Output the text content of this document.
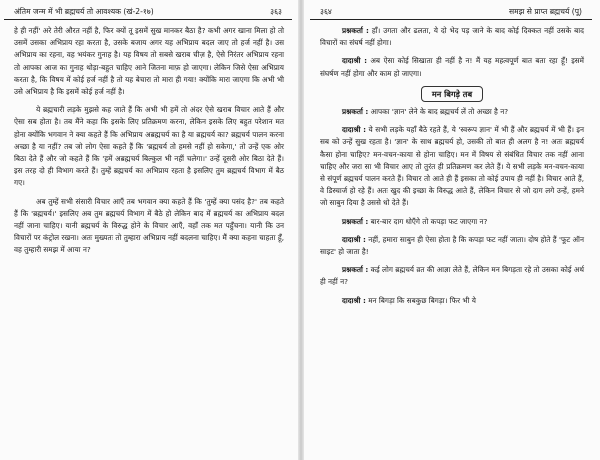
अंतिम जन्म में भी ब्रह्मचर्य तो आवश्यक (खं-2-१७)	३६३

हे ही नहीं' अरे तेरी औरत नहीं है, फिर क्यों तू इसमें सुख मानकर बैठा है? कभी अगर खाना मिला हो तो उसमें उसका अभिप्राय रहा करता है, उसके बजाय अगर यह अभिप्राय बदल जाए तो हर्ज नहीं है। उस अभिप्राय का रहना, वह भयंकर गुनाह है। यह विषय तो सबसे खराब चीज़ है, ऐसे निरंतर अभिप्राय रहना तो आपका आज का गुनाह थोड़ा-बहुत चाहिए आने जितना माफ़ हो जाएगा। लेकिन जिसे ऐसा अभिप्राय करता है, कि विषय में कोई हर्ज नहीं है तो यह बेचारा तो मारा ही गया! क्योंकि मारा जाएगा कि अभी भी उसे अभिप्राय है कि इसमें कोई हर्ज नहीं है।

ये ब्रह्मचारी लड़के मुझसे कह जाते हैं कि अभी भी हमें तो अंदर ऐसे खराब विचार आते हैं और ऐसा सब होता है। तब मैंने कहा कि इसके लिए प्रतिक्रमण करना, लेकिन इसके लिए बहुत परेशान मत होना क्योंकि भगवान ने क्या कहते हैं कि अभिप्राय अब्रह्मचर्य का है या ब्रह्मचर्य का? ब्रह्मचर्य पालन करना अच्छा है या नहीं? तब जो लोग ऐसा कहते हैं कि 'ब्रह्मचर्य तो हमसे नहीं हो सकेगा,' तो उन्हें एक ओर बिठा देते हैं और जो कहते हैं कि 'हमें अब्रह्मचर्य बिल्कुल भी नहीं चलेगा।' उन्हें दूसरी ओर बिठा देते हैं। इस तरह दो ही विभाग करते हैं। तुम्हें ब्रह्मचर्य का अभिप्राय रहता है इसलिए तुम ब्रह्मचर्य विभाग में बैठ गए।

अब तुम्हें सभी संसारी विचार आएँ तब भगवान क्या कहते हैं कि 'तुम्हें क्या पसंद है?' तब कहते हैं कि 'ब्रह्मचर्य।' इसलिए अब तुम ब्रह्मचर्य विभाग में बैठे हो लेकिन बाद में ब्रह्मचर्य का अभिप्राय बदल नहीं जाना चाहिए। यानी ब्रह्मचर्य के विरुद्ध होने के विचार आएँ, वहाँ तक मत पहुँचना। यानी कि उन विचारों पर कंट्रोल रखना। अतः मुख्यतः तो तुम्हारा अभिप्राय नहीं बदलना चाहिए। मैं क्या कहना चाहता हूँ, वह तुम्हारी समझ में आया न?

३६४	समझ से प्राप्त ब्रह्मचर्य (पू)

प्रश्नकर्ता : हाँ। उगता और ढलता, ये दो भेद पड़ जाने के बाद कोई दिक्कत नहीं उसके बाद विचारों का संघर्ष नहीं होगा।

दादाश्री : अब ऐसा कोई सिखाता ही नहीं है न! मैं यह महत्वपूर्ण बात बता रहा हूँ! इसमें संघर्षण नहीं होगा और काम हो जाएगा।

मन बिगड़े तब

प्रश्नकर्ता : आपका 'ज्ञान' लेने के बाद ब्रह्मचर्य लें तो अच्छा है न?

दादाश्री : ये सभी लड़के यहाँ बैठे रहते हैं, ये 'स्वरूप ज्ञान' में भी हैं और ब्रह्मचर्य में भी हैं। इन सब को उन्हें सुख रहता है। 'ज्ञान' के साथ ब्रह्मचर्य हो, उसकी तो बात ही अलग है न! अतः ब्रह्मचर्य कैसा होना चाहिए? मन-वचन-काया से होना चाहिए। मन में विषय से संबंधित विचार तक नहीं आना चाहिए और जरा सा भी विचार आए तो तुरंत ही प्रतिक्रमण कर लेते हैं। ये सभी लड़के मन-वचन-काया से संपूर्ण ब्रह्मचर्य पालन करते हैं। विचार तो आते ही हैं इसका तो कोई उपाय ही नहीं है। विचार आते हैं, वे डिस्चार्ज हो रहे हैं। अतः खुद की इच्छा के विरुद्ध आते हैं, लेकिन विचार से जो दाग लगे उन्हें, हमने जो साबुन दिया है उससे धो देते हैं।

प्रश्नकर्ता : बार-बार दाग धोएँगे तो कपड़ा फट जाएगा न?

दादाश्री : नहीं, हमारा साबुन ही ऐसा होता है कि कपड़ा फट नहीं जाता। दोष होते हैं 'फूट ऑन साइट' हो जाता है!

प्रश्नकर्ता : कई लोग ब्रह्मचर्य व्रत की आज्ञा लेते हैं, लेकिन मन बिगड़ता रहे तो उसका कोई अर्थ ही नहीं न?

दादाश्री : मन बिगड़ा कि सबकुछ बिगड़ा। फिर भी ये
